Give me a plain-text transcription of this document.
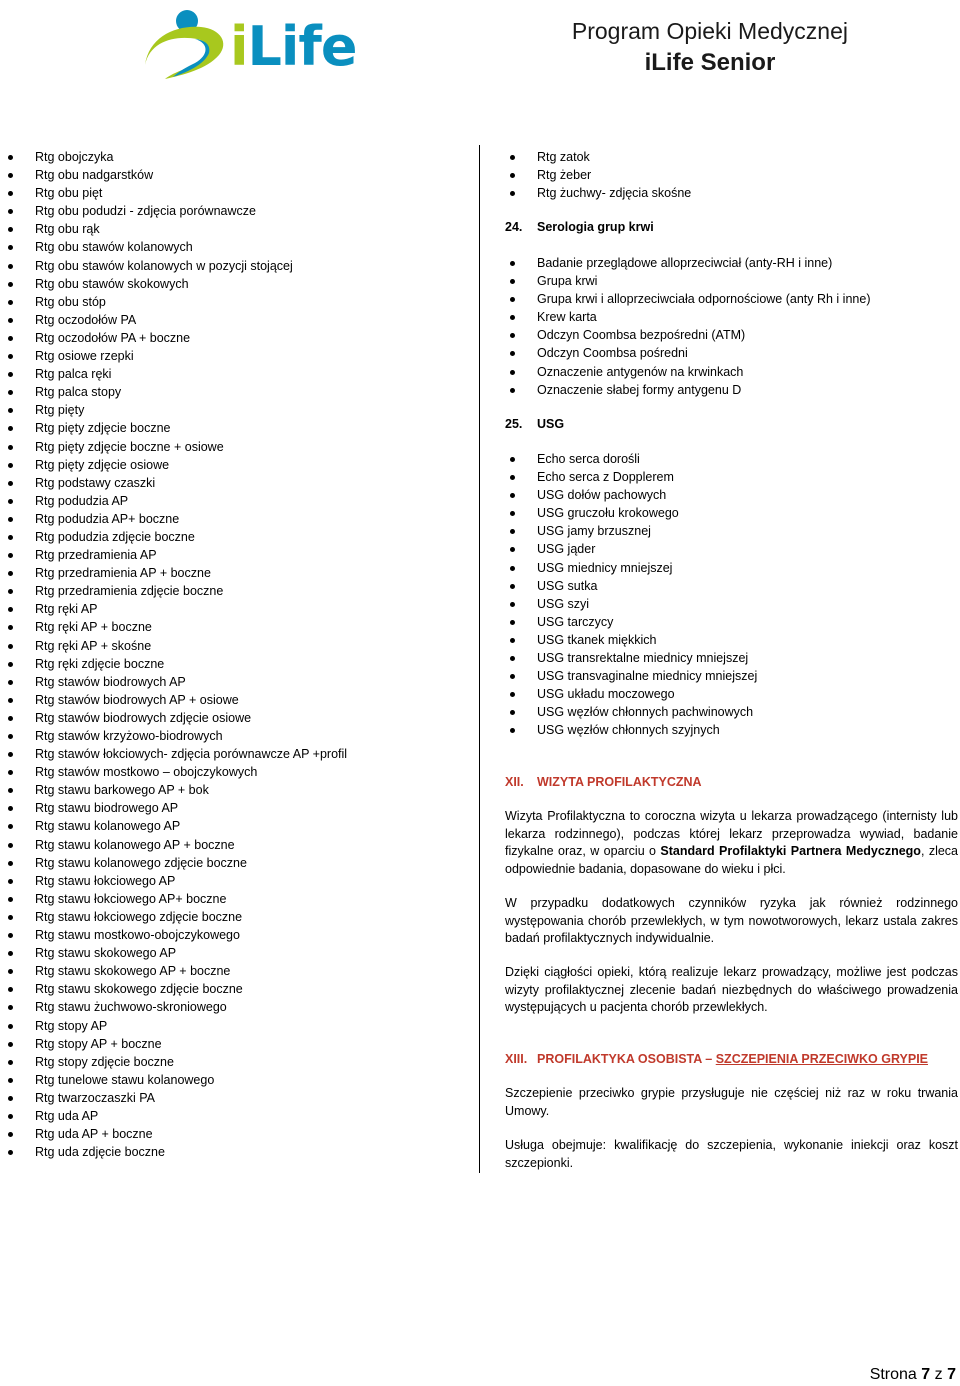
iLife	Program Opieki Medycznej
iLife Senior
Rtg obojczyka
Rtg obu nadgarstków
Rtg obu pięt
Rtg obu podudzi - zdjęcia porównawcze
Rtg obu rąk
Rtg obu stawów kolanowych
Rtg obu stawów kolanowych w pozycji stojącej
Rtg obu stawów skokowych
Rtg obu stóp
Rtg oczodołów PA
Rtg oczodołów PA + boczne
Rtg osiowe rzepki
Rtg palca ręki
Rtg palca stopy
Rtg pięty
Rtg pięty zdjęcie boczne
Rtg pięty zdjęcie boczne + osiowe
Rtg pięty zdjęcie osiowe
Rtg podstawy czaszki
Rtg podudzia AP
Rtg podudzia AP+ boczne
Rtg podudzia zdjęcie boczne
Rtg przedramienia AP
Rtg przedramienia AP + boczne
Rtg przedramienia zdjęcie boczne
Rtg ręki AP
Rtg ręki AP + boczne
Rtg ręki AP + skośne
Rtg ręki zdjęcie boczne
Rtg stawów biodrowych AP
Rtg stawów biodrowych AP + osiowe
Rtg stawów biodrowych zdjęcie osiowe
Rtg stawów krzyżowo-biodrowych
Rtg stawów łokciowych- zdjęcia porównawcze AP +profil
Rtg stawów mostkowo – obojczykowych
Rtg stawu barkowego AP + bok
Rtg stawu biodrowego AP
Rtg stawu kolanowego AP
Rtg stawu kolanowego AP + boczne
Rtg stawu kolanowego zdjęcie boczne
Rtg stawu łokciowego AP
Rtg stawu łokciowego AP+ boczne
Rtg stawu łokciowego zdjęcie boczne
Rtg stawu mostkowo-obojczykowego
Rtg stawu skokowego AP
Rtg stawu skokowego AP + boczne
Rtg stawu skokowego zdjęcie boczne
Rtg stawu żuchwowo-skroniowego
Rtg stopy AP
Rtg stopy AP + boczne
Rtg stopy zdjęcie boczne
Rtg tunelowe stawu kolanowego
Rtg twarzoczaszki PA
Rtg uda AP
Rtg uda AP + boczne
Rtg uda zdjęcie boczne
Rtg zatok
Rtg żeber
Rtg żuchwy- zdjęcia skośne
24. Serologia grup krwi
Badanie przeglądowe alloprzeciwciał (anty-RH i inne)
Grupa krwi
Grupa krwi i alloprzeciwciała odpornościowe (anty Rh i inne)
Krew karta
Odczyn Coombsa bezpośredni (ATM)
Odczyn Coombsa pośredni
Oznaczenie antygenów na krwinkach
Oznaczenie słabej formy antygenu D
25. USG
Echo serca dorośli
Echo serca z Dopplerem
USG dołów pachowych
USG gruczołu krokowego
USG jamy brzusznej
USG jąder
USG miednicy mniejszej
USG sutka
USG szyi
USG tarczycy
USG tkanek miękkich
USG transrektalne miednicy mniejszej
USG transvaginalne miednicy mniejszej
USG układu moczowego
USG węzłów chłonnych pachwinowych
USG węzłów chłonnych szyjnych
XII. WIZYTA PROFILAKTYCZNA

Wizyta Profilaktyczna to coroczna wizyta u lekarza prowadzącego (internisty lub lekarza rodzinnego), podczas której lekarz przeprowadza wywiad, badanie fizykalne oraz, w oparciu o Standard Profilaktyki Partnera Medycznego, zleca odpowiednie badania, dopasowane do wieku i płci.

W przypadku dodatkowych czynników ryzyka jak również rodzinnego występowania chorób przewlekłych, w tym nowotworowych, lekarz ustala zakres badań profilaktycznych indywidualnie.

Dzięki ciągłości opieki, którą realizuje lekarz prowadzący, możliwe jest podczas wizyty profilaktycznej zlecenie badań niezbędnych do właściwego prowadzenia występujących u pacjenta chorób przewlekłych.

XIII. PROFILAKTYKA OSOBISTA – SZCZEPIENIA PRZECIWKO GRYPIE

Szczepienie przeciwko grypie przysługuje nie częściej niż raz w roku trwania Umowy.

Usługa obejmuje: kwalifikację do szczepienia, wykonanie iniekcji oraz koszt szczepionki.

Strona 7 z 7
